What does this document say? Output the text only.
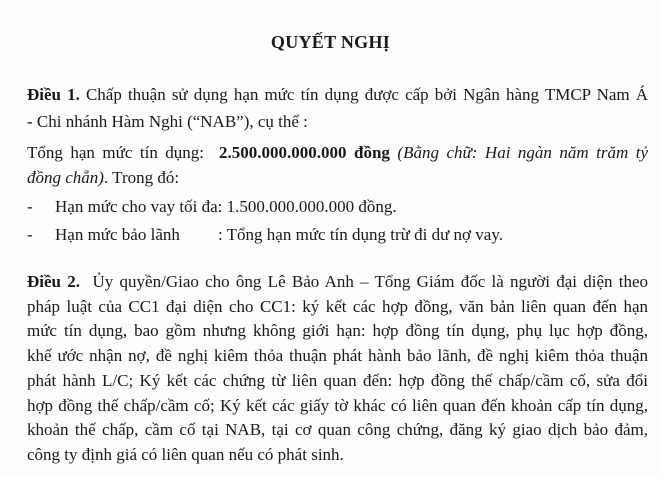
QUYẾT NGHỊ
Điều 1. Chấp thuận sử dụng hạn mức tín dụng được cấp bởi Ngân hàng TMCP Nam Á
- Chi nhánh Hàm Nghi (“NAB”), cụ thể :
Tổng hạn mức tín dụng: 2.500.000.000.000 đồng (Bằng chữ: Hai ngàn năm trăm tỷ
đồng chẵn). Trong đó:
- Hạn mức cho vay tối đa: 1.500.000.000.000 đồng.
- Hạn mức bảo lãnh : Tổng hạn mức tín dụng trừ đi dư nợ vay.
Điều 2. Ủy quyền/Giao cho ông Lê Bảo Anh – Tổng Giám đốc là người đại diện theo
pháp luật của CC1 đại diện cho CC1: ký kết các hợp đồng, văn bản liên quan đến hạn
mức tín dụng, bao gồm nhưng không giới hạn: hợp đồng tín dụng, phụ lục hợp đồng,
khế ước nhận nợ, đề nghị kiêm thỏa thuận phát hành bảo lãnh, đề nghị kiêm thỏa thuận
phát hành L/C; Ký kết các chứng từ liên quan đến: hợp đồng thế chấp/cầm cố, sửa đổi
hợp đồng thế chấp/cầm cố; Ký kết các giấy tờ khác có liên quan đến khoản cấp tín dụng,
khoản thế chấp, cầm cố tại NAB, tại cơ quan công chứng, đăng ký giao dịch bảo đảm,
công ty định giá có liên quan nếu có phát sinh.
